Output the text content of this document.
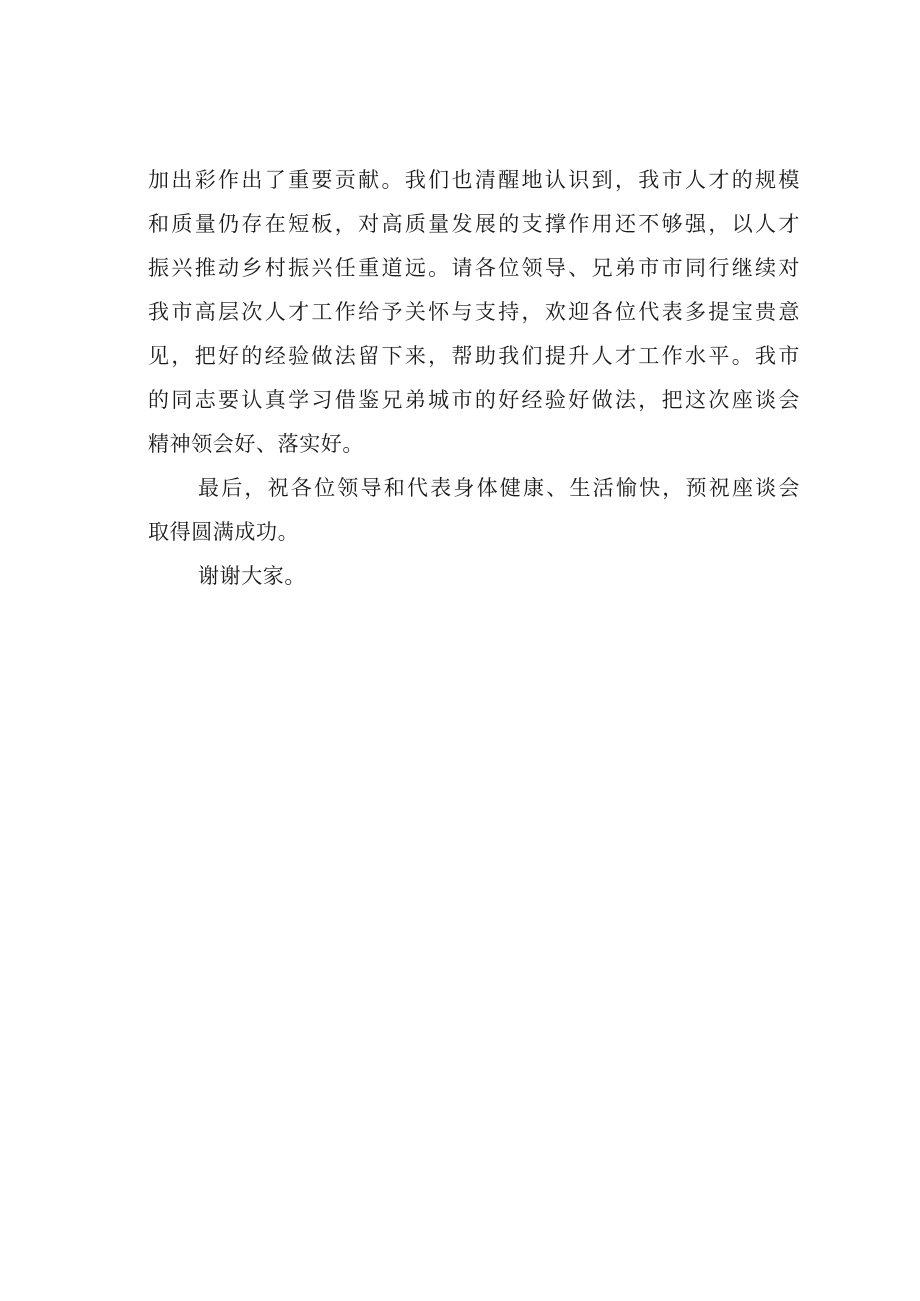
加出彩作出了重要贡献。我们也清醒地认识到，我市人才的规模
和质量仍存在短板，对高质量发展的支撑作用还不够强，以人才
振兴推动乡村振兴任重道远。请各位领导、兄弟市市同行继续对
我市高层次人才工作给予关怀与支持，欢迎各位代表多提宝贵意
见，把好的经验做法留下来，帮助我们提升人才工作水平。我市
的同志要认真学习借鉴兄弟城市的好经验好做法，把这次座谈会
精神领会好、落实好。

最后，祝各位领导和代表身体健康、生活愉快，预祝座谈会
取得圆满成功。

谢谢大家。
